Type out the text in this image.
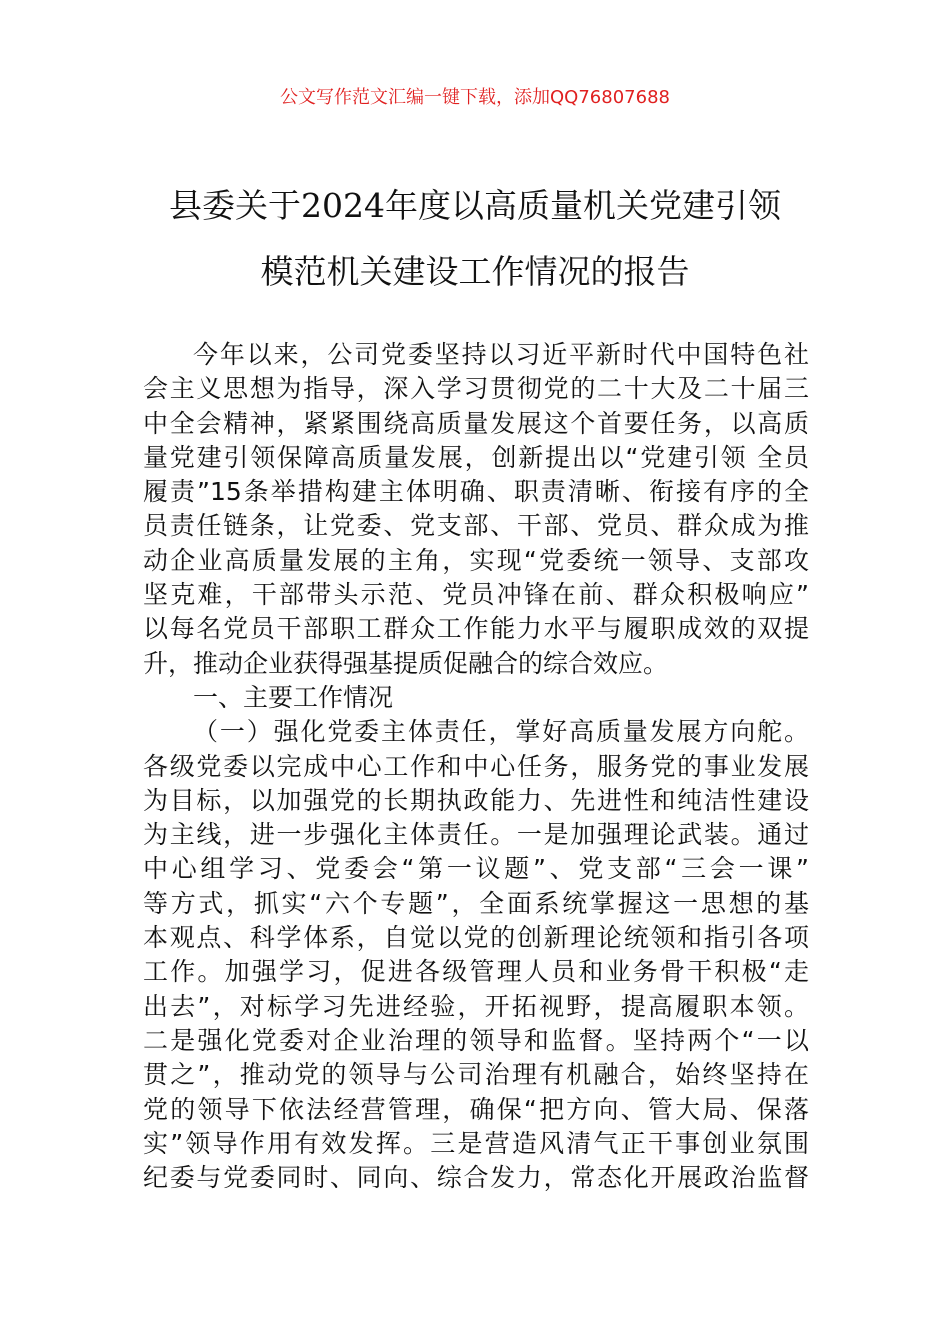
公文写作范文汇编一键下载，添加QQ76807688
县委关于2024年度以高质量机关党建引领
模范机关建设工作情况的报告
今年以来，公司党委坚持以习近平新时代中国特色社
会主义思想为指导，深入学习贯彻党的二十大及二十届三
中全会精神，紧紧围绕高质量发展这个首要任务，以高质
量党建引领保障高质量发展，创新提出以“党建引领 全员
履责”15条举措构建主体明确、职责清晰、衔接有序的全
员责任链条，让党委、党支部、干部、党员、群众成为推
动企业高质量发展的主角，实现“党委统一领导、支部攻
坚克难，干部带头示范、党员冲锋在前、群众积极响应”
以每名党员干部职工群众工作能力水平与履职成效的双提
升，推动企业获得强基提质促融合的综合效应。
一、主要工作情况
（一）强化党委主体责任，掌好高质量发展方向舵。
各级党委以完成中心工作和中心任务，服务党的事业发展
为目标，以加强党的长期执政能力、先进性和纯洁性建设
为主线，进一步强化主体责任。一是加强理论武装。通过
中心组学习、党委会“第一议题”、党支部“三会一课”
等方式，抓实“六个专题”，全面系统掌握这一思想的基
本观点、科学体系，自觉以党的创新理论统领和指引各项
工作。加强学习，促进各级管理人员和业务骨干积极“走
出去”，对标学习先进经验，开拓视野，提高履职本领。
二是强化党委对企业治理的领导和监督。坚持两个“一以
贯之”，推动党的领导与公司治理有机融合，始终坚持在
党的领导下依法经营管理，确保“把方向、管大局、保落
实”领导作用有效发挥。三是营造风清气正干事创业氛围
纪委与党委同时、同向、综合发力，常态化开展政治监督
